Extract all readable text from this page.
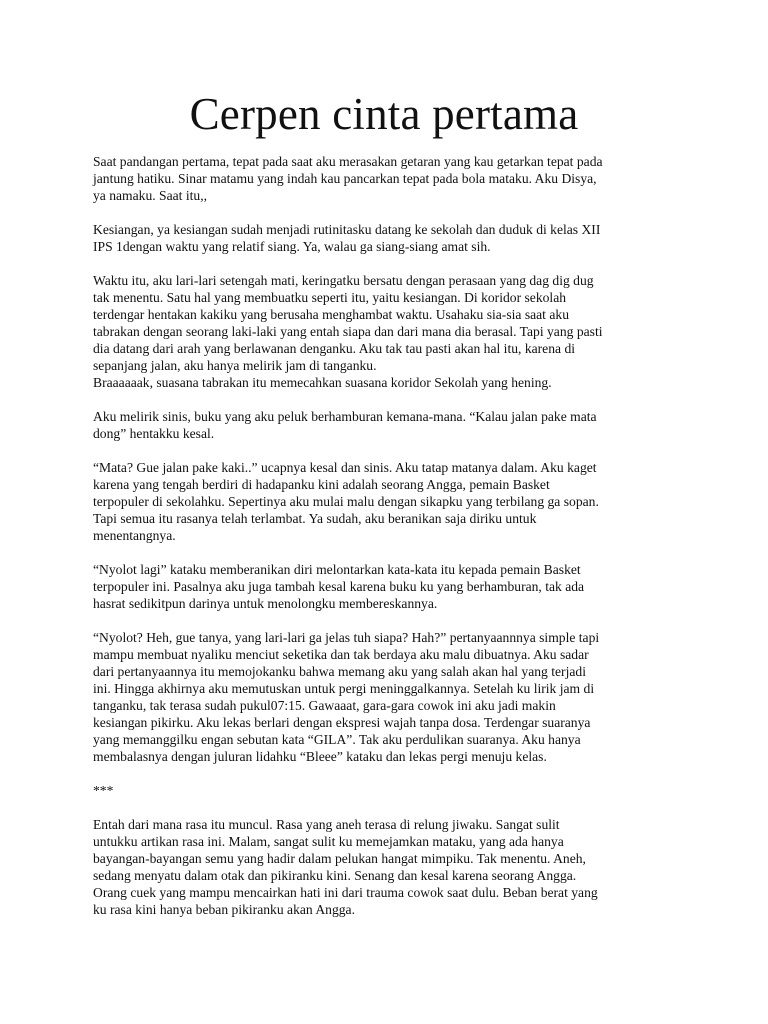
Cerpen cinta pertama

Saat pandangan pertama, tepat pada saat aku merasakan getaran yang kau getarkan tepat pada
jantung hatiku. Sinar matamu yang indah kau pancarkan tepat pada bola mataku. Aku Disya,
ya namaku. Saat itu,,

Kesiangan, ya kesiangan sudah menjadi rutinitasku datang ke sekolah dan duduk di kelas XII
IPS 1dengan waktu yang relatif siang. Ya, walau ga siang-siang amat sih.

Waktu itu, aku lari-lari setengah mati, keringatku bersatu dengan perasaan yang dag dig dug
tak menentu. Satu hal yang membuatku seperti itu, yaitu kesiangan. Di koridor sekolah
terdengar hentakan kakiku yang berusaha menghambat waktu. Usahaku sia-sia saat aku
tabrakan dengan seorang laki-laki yang entah siapa dan dari mana dia berasal. Tapi yang pasti
dia datang dari arah yang berlawanan denganku. Aku tak tau pasti akan hal itu, karena di
sepanjang jalan, aku hanya melirik jam di tanganku.
Braaaaaak, suasana tabrakan itu memecahkan suasana koridor Sekolah yang hening.

Aku melirik sinis, buku yang aku peluk berhamburan kemana-mana. “Kalau jalan pake mata
dong” hentakku kesal.

“Mata? Gue jalan pake kaki..” ucapnya kesal dan sinis. Aku tatap matanya dalam. Aku kaget
karena yang tengah berdiri di hadapanku kini adalah seorang Angga, pemain Basket
terpopuler di sekolahku. Sepertinya aku mulai malu dengan sikapku yang terbilang ga sopan.
Tapi semua itu rasanya telah terlambat. Ya sudah, aku beranikan saja diriku untuk
menentangnya.

“Nyolot lagi” kataku memberanikan diri melontarkan kata-kata itu kepada pemain Basket
terpopuler ini. Pasalnya aku juga tambah kesal karena buku ku yang berhamburan, tak ada
hasrat sedikitpun darinya untuk menolongku membereskannya.

“Nyolot? Heh, gue tanya, yang lari-lari ga jelas tuh siapa? Hah?” pertanyaannnya simple tapi
mampu membuat nyaliku menciut seketika dan tak berdaya aku malu dibuatnya. Aku sadar
dari pertanyaannya itu memojokanku bahwa memang aku yang salah akan hal yang terjadi
ini. Hingga akhirnya aku memutuskan untuk pergi meninggalkannya. Setelah ku lirik jam di
tanganku, tak terasa sudah pukul07:15. Gawaaat, gara-gara cowok ini aku jadi makin
kesiangan pikirku. Aku lekas berlari dengan ekspresi wajah tanpa dosa. Terdengar suaranya
yang memanggilku engan sebutan kata “GILA”. Tak aku perdulikan suaranya. Aku hanya
membalasnya dengan juluran lidahku “Bleee” kataku dan lekas pergi menuju kelas.

***

Entah dari mana rasa itu muncul. Rasa yang aneh terasa di relung jiwaku. Sangat sulit
untukku artikan rasa ini. Malam, sangat sulit ku memejamkan mataku, yang ada hanya
bayangan-bayangan semu yang hadir dalam pelukan hangat mimpiku. Tak menentu. Aneh,
sedang menyatu dalam otak dan pikiranku kini. Senang dan kesal karena seorang Angga.
Orang cuek yang mampu mencairkan hati ini dari trauma cowok saat dulu. Beban berat yang
ku rasa kini hanya beban pikiranku akan Angga.
